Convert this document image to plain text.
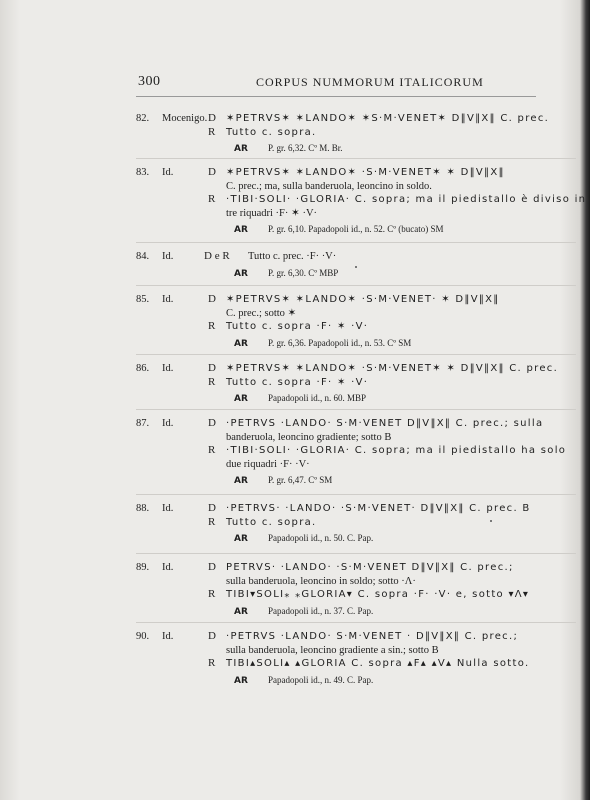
300	CORPUS NUMMORUM ITALICORUM
82.	Mocenigo. D	✶PETRVS✶ ✶LANDO✶ ✶S·M·VENET✶ D‖V‖X‖ C. prec.
R	Tutto c. sopra.
AR P. gr. 6,32. Cº M. Br.
83.	Id.	D	✶PETRVS✶ ✶LANDO✶ ·S·M·VENET✶ ✶ D‖V‖X‖
C. prec.; ma, sulla banderuola, leoncino in soldo.
R	·TIBI·SOLI· ·GLORIA· C. sopra; ma il piedistallo è diviso in
tre riquadri ·F· ✶ ·V·
AR P. gr. 6,10. Papadopoli id., n. 52. Cº (bucato) SM
84.	Id.	D e R	Tutto c. prec. ·F· ·V·
AR P. gr. 6,30. Cº MBP
85.	Id.	D	✶PETRVS✶ ✶LANDO✶ ·S·M·VENET· ✶ D‖V‖X‖
C. prec.; sotto ✶
R	Tutto c. sopra ·F· ✶ ·V·
AR P. gr. 6,36. Papadopoli id., n. 53. Cº SM
86.	Id.	D	✶PETRVS✶ ✶LANDO✶ ·S·M·VENET✶ ✶ D‖V‖X‖ C. prec.
R	Tutto c. sopra ·F· ✶ ·V·
AR Papadopoli id., n. 60. MBP
87.	Id.	D	·PETRVS ·LANDO· S·M·VENET D‖V‖X‖ C. prec.; sulla
banderuola, leoncino gradiente; sotto B
R	·TIBI·SOLI· ·GLORIA· C. sopra; ma il piedistallo ha solo
due riquadri ·F· ·V·
AR P. gr. 6,47. Cº SM
88.	Id.	D	·PETRVS· ·LANDO· ·S·M·VENET· D‖V‖X‖ C. prec. B
R	Tutto c. sopra.
AR Papadopoli id., n. 50. C. Pap.
89.	Id.	D	PETRVS· ·LANDO· ·S·M·VENET D‖V‖X‖ C. prec.;
sulla banderuola, leoncino in soldo; sotto ·Λ·
R	TIBI▾SOLI⁎ ⁎GLORIA▾ C. sopra ·F· ·V· e, sotto ▾Λ▾
AR Papadopoli id., n. 37. C. Pap.
90.	Id.	D	·PETRVS ·LANDO· S·M·VENET · D‖V‖X‖ C. prec.;
sulla banderuola, leoncino gradiente a sin.; sotto B
R	TIBI▴SOLI▴ ▴GLORIA C. sopra ▴F▴ ▴V▴ Nulla sotto.
AR Papadopoli id., n. 49. C. Pap.
